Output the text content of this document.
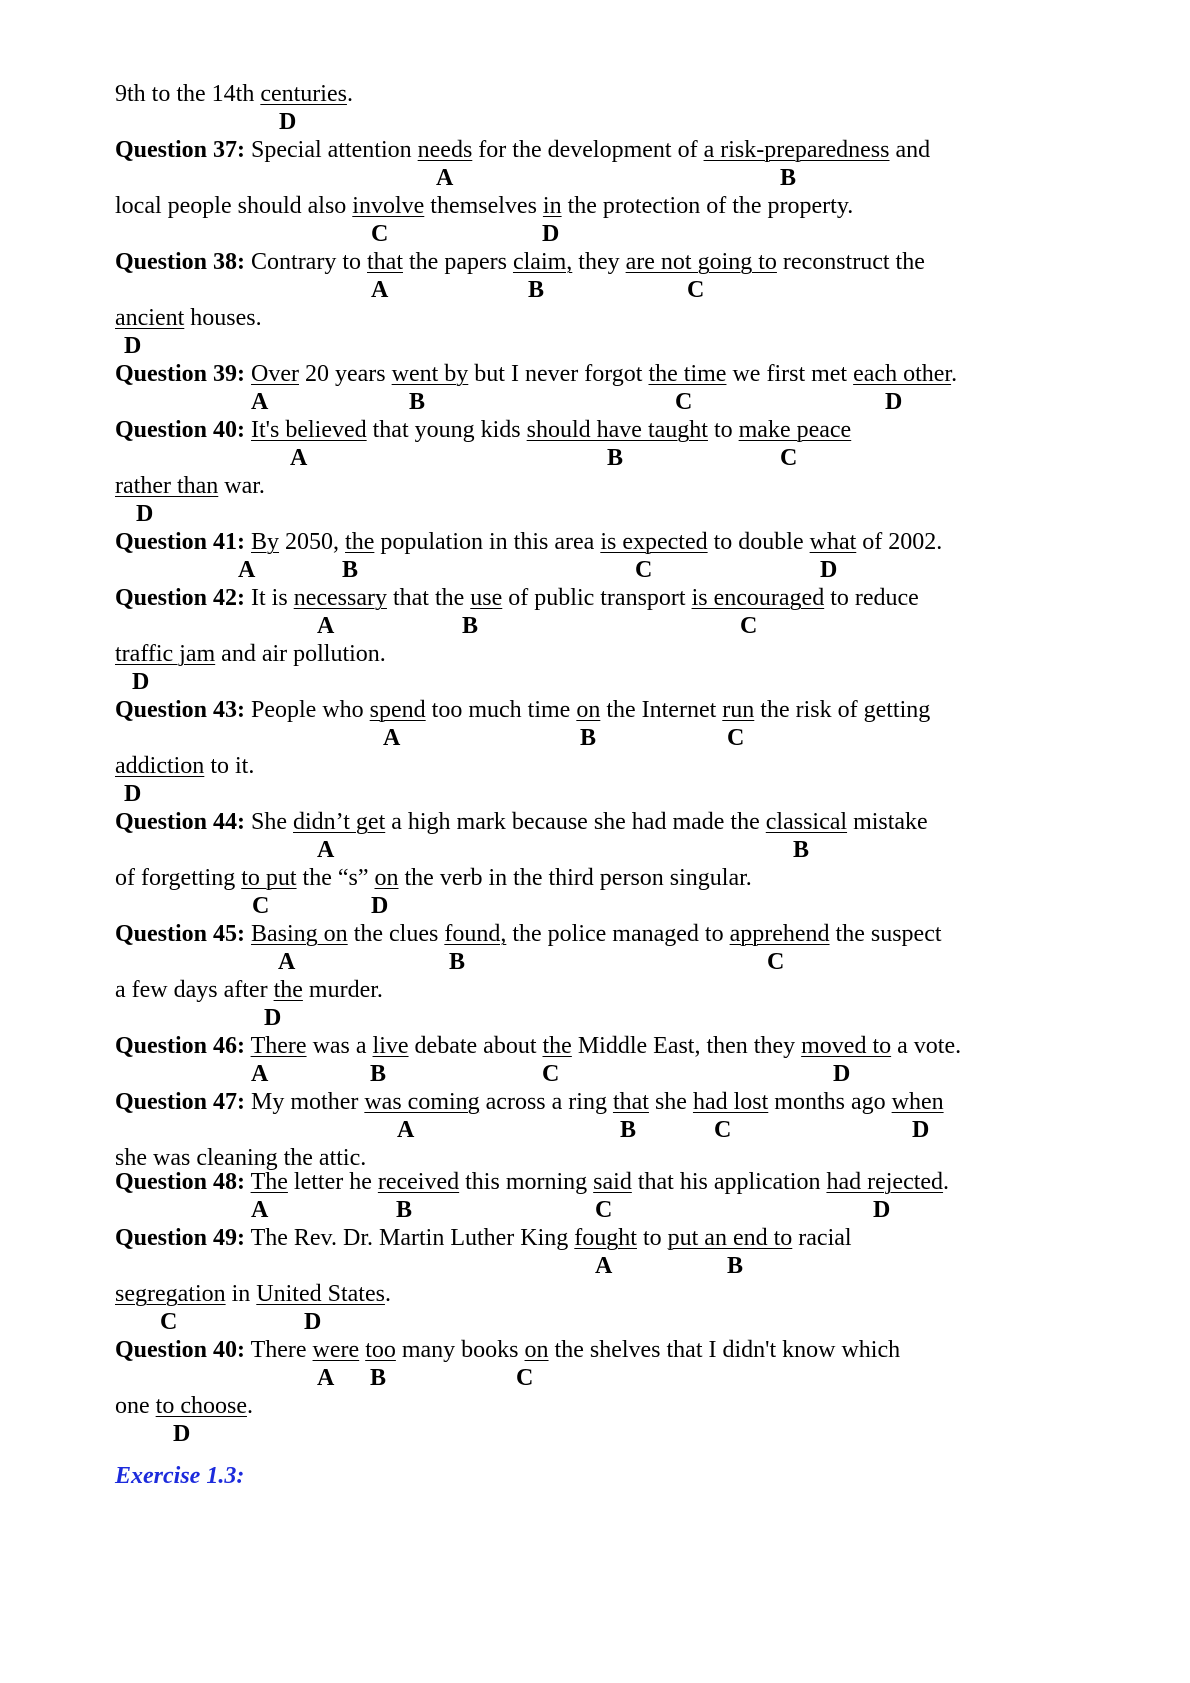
9th to the 14th centuries.

D

Question 37: Special attention needs for the development of a risk-preparedness and

A	B

local people should also involve themselves in the protection of the property.

C	D

Question 38: Contrary to that the papers claim, they are not going to reconstruct the

A	B	C

ancient houses.

D

Question 39: Over 20 years went by but I never forgot the time we first met each other.

A	B	C	D

Question 40: It's believed that young kids should have taught to make peace

A	B	C

rather than war.

D

Question 41: By 2050, the population in this area is expected to double what of 2002.

A	B	C	D

Question 42: It is necessary that the use of public transport is encouraged to reduce

A	B	C

traffic jam and air pollution.

D

Question 43: People who spend too much time on the Internet run the risk of getting

A	B	C

addiction to it.

D

Question 44: She didn’t get a high mark because she had made the classical mistake

A	B

of forgetting to put the “s” on the verb in the third person singular.

C	D

Question 45: Basing on the clues found, the police managed to apprehend the suspect

A	B	C

a few days after the murder.

D

Question 46: There was a live debate about the Middle East, then they moved to a vote.

A	B	C	D

Question 47: My mother was coming across a ring that she had lost months ago when

A	B	C	D

she was cleaning the attic.

Question 48: The letter he received this morning said that his application had rejected.

A	B	C	D

Question 49: The Rev. Dr. Martin Luther King fought to put an end to racial

A	B

segregation in United States.

C	D

Question 40: There were too many books on the shelves that I didn't know which

A B	C

one to choose.

D

Exercise 1.3:
